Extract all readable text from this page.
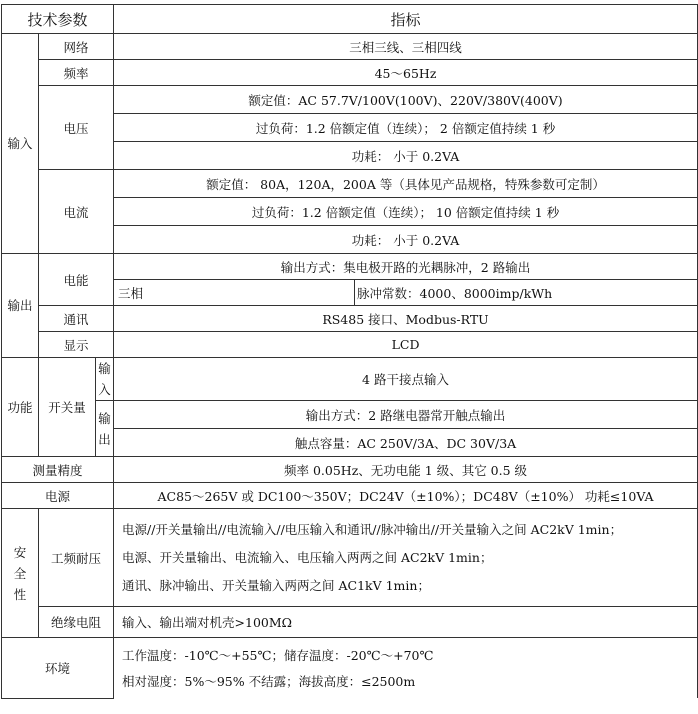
技术参数			指标	
输入	网络		三相三线、三相四线	
	频率		45～65Hz	
	电压		额定值：AC 57.7V/100V(100V)、220V/380V(400V)	
			过负荷：1.2 倍额定值（连续）； 2 倍额定值持续 1 秒	
			功耗： 小于 0.2VA	
	电流		额定值： 80A，120A，200A 等（具体见产品规格，特殊参数可定制）	
			过负荷：1.2 倍额定值（连续）； 10 倍额定值持续 1 秒	
			功耗： 小于 0.2VA	
输出	电能		输出方式：集电极开路的光耦脉冲，2 路输出	
			三相	脉冲常数：4000、8000imp/kWh
	通讯		RS485 接口、Modbus-RTU	
	显示		LCD	
功能	开关量	输入	4 路干接点输入	
		输出	输出方式：2 路继电器常开触点输出	
			触点容量：AC 250V/3A、DC 30V/3A	
测量精度			频率 0.05Hz、无功电能 1 级、其它 0.5 级	
电源			AC85～265V 或 DC100～350V；DC24V（±10%）；DC48V（±10%） 功耗≤10VA	
安全性	工频耐压		电源//开关量输出//电流输入//电压输入和通讯//脉冲输出//开关量输入之间 AC2kV 1min；	
			电源、开关量输出、电流输入、电压输入两两之间 AC2kV 1min；	
			通讯、脉冲输出、开关量输入两两之间 AC1kV 1min；	
	绝缘电阻		输入、输出端对机壳>100MΩ	
环境			工作温度：-10℃～+55℃；储存温度：-20℃～+70℃	
			相对湿度：5%～95% 不结露；海拔高度：≤2500m	
